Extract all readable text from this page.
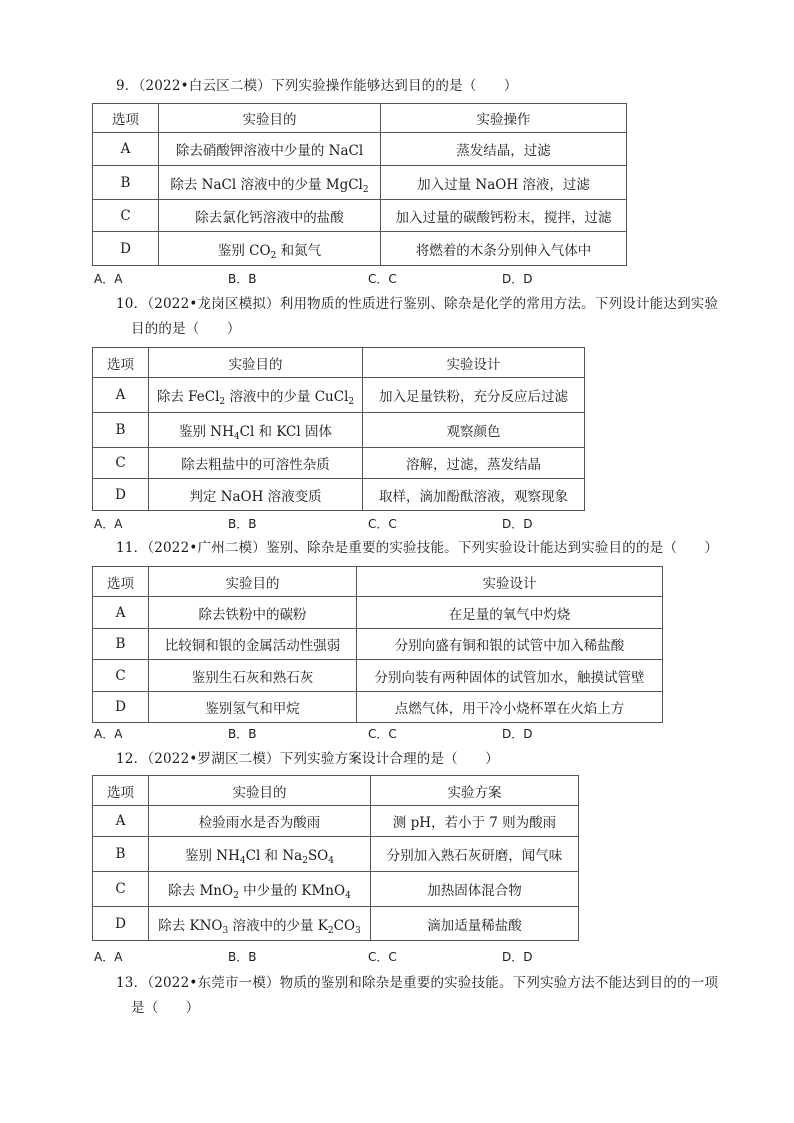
9．（2022•白云区二模）下列实验操作能够达到目的的是（　　）
选项	实验目的	实验操作
A	除去硝酸钾溶液中少量的 NaCl	蒸发结晶，过滤
B	除去 NaCl 溶液中的少量 MgCl$_2$	加入过量 NaOH 溶液，过滤
C	除去氯化钙溶液中的盐酸	加入过量的碳酸钙粉末，搅拌，过滤
D	鉴别 $CO_2$ 和氮气	将燃着的木条分别伸入气体中
A．A	B．B	C．C	D．D
10．（2022•龙岗区模拟）利用物质的性质进行鉴别、除杂是化学的常用方法。下列设计能达到实验
目的的是（　　）
选项	实验目的	实验设计
A	除去 FeCl$_2$ 溶液中的少量 CuCl$_2$	加入足量铁粉，充分反应后过滤
B	鉴别 $NH_4Cl$ 和 KCl 固体	观察颜色
C	除去粗盐中的可溶性杂质	溶解，过滤，蒸发结晶
D	判定 NaOH 溶液变质	取样，滴加酚酞溶液，观察现象
A．A	B．B	C．C	D．D
11．（2022•广州二模）鉴别、除杂是重要的实验技能。下列实验设计能达到实验目的的是（　　）
选项	实验目的	实验设计
A	除去铁粉中的碳粉	在足量的氧气中灼烧
B	比较铜和银的金属活动性强弱	分别向盛有铜和银的试管中加入稀盐酸
C	鉴别生石灰和熟石灰	分别向装有两种固体的试管加水，触摸试管壁
D	鉴别氢气和甲烷	点燃气体，用干冷小烧杯罩在火焰上方
A．A	B．B	C．C	D．D
12．（2022•罗湖区二模）下列实验方案设计合理的是（　　）
选项	实验目的	实验方案
A	检验雨水是否为酸雨	测 pH，若小于 7 则为酸雨
B	鉴别 $NH_4Cl$ 和 $Na_2SO_4$	分别加入熟石灰研磨，闻气味
C	除去 MnO$_2$ 中少量的 KMnO$_4$	加热固体混合物
D	除去 $KNO_3$ 溶液中的少量 $K_2CO_3$	滴加适量稀盐酸
A．A	B．B	C．C	D．D
13．（2022•东莞市一模）物质的鉴别和除杂是重要的实验技能。下列实验方法不能达到目的的一项
是（　　）
